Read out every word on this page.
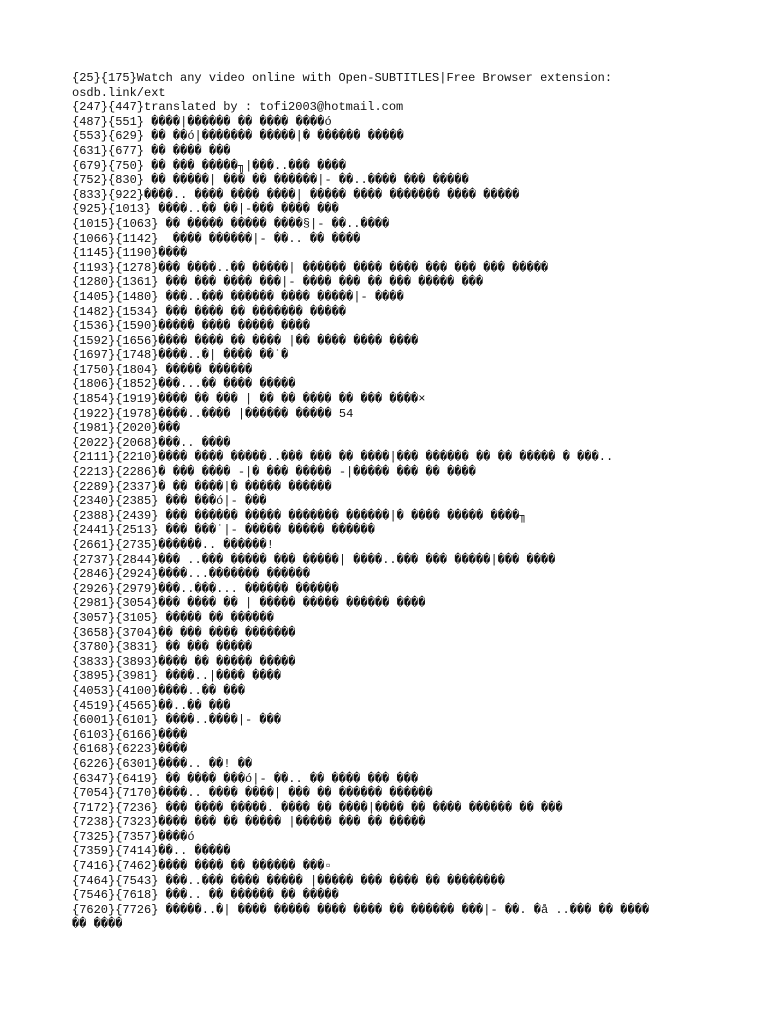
{25}{175}Watch any video online with Open-SUBTITLES|Free Browser extension:
osdb.link/ext
{247}{447}translated by : tofi2003@hotmail.com
{487}{551} ����|������ �� ���� ����ó
{553}{629} �� ��ó|������� �����|� ������ �����
{631}{677} �� ���� ���
{679}{750} �� ��� �����╖|���..��� ����
{752}{830} �� �����| ��� �� ������|- ��..���� ��� �����
{833}{922}����.. ���� ���� ����| ����� ���� ������� ���� �����
{925}{1013} ����..�� ��|-��� ���� ���
{1015}{1063} �� ����� ����� ����§|- ��..����
{1066}{1142}  ���� ������|- ��.. �� ����
{1145}{1190}����
{1193}{1278}��� ����..�� �����| ������ ���� ���� ��� ��� ��� �����
{1280}{1361} ��� ��� ���� ���|- ���� ��� �� ��� ����� ���
{1405}{1480} ���..��� ������ ���� �����|- ����
{1482}{1534} ��� ���� �� ������� �����
{1536}{1590}����� ���� ����� ����
{1592}{1656}���� ���� �� ���� |�� ���� ���� ����
{1697}{1748}����..�| ���� ��˙�
{1750}{1804} ����� ������
{1806}{1852}���...�� ���� �����
{1854}{1919}���� �� ��� | �� �� ���� �� ��� ����×
{1922}{1978}����..���� |������ ����� 54
{1981}{2020}���
{2022}{2068}���.. ����
{2111}{2210}���� ���� �����..��� ��� �� ����|��� ������ �� �� ����� � ���..
{2213}{2286}� ��� ���� -|� ��� ����� -|����� ��� �� ����
{2289}{2337}� �� ����|� ����� ������
{2340}{2385} ��� ���ó|- ���
{2388}{2439} ��� ������ ����� ������� ������|� ���� ����� ����╖
{2441}{2513} ��� ���˙|- ����� ����� ������
{2661}{2735}������.. ������!
{2737}{2844}��� ..��� ����� ��� �����| ����..��� ��� �����|��� ����
{2846}{2924}����...������� ������
{2926}{2979}���..���... ������ ������
{2981}{3054}��� ���� �� | ����� ����� ������ ����
{3057}{3105} ����� �� ������
{3658}{3704}�� ��� ���� �������
{3780}{3831} �� ��� �����
{3833}{3893}���� �� ����� �����
{3895}{3981} ����..|���� ����
{4053}{4100}����..�� ���
{4519}{4565}��..�� ���
{6001}{6101} ����..����|- ���
{6103}{6166}����
{6168}{6223}����
{6226}{6301}����.. ��! ��
{6347}{6419} �� ���� ���ó|- ��.. �� ���� ��� ���
{7054}{7170}����.. ���� ����| ��� �� ������ ������
{7172}{7236} ��� ���� �����. ���� �� ����|���� �� ���� ������ �� ���
{7238}{7323}���� ��� �� ����� |����� ��� �� �����
{7325}{7357}����ó
{7359}{7414}��.. �����
{7416}{7462}���� ���� �� ������ ���▫
{7464}{7543} ���..��� ���� ����� |����� ��� ���� �� ��������
{7546}{7618} ���.. �� ������ �� �����
{7620}{7726} �����..�| ���� ����� ���� ���� �� ������ ���|- ��. �å ..��� �� ����
�� ����
